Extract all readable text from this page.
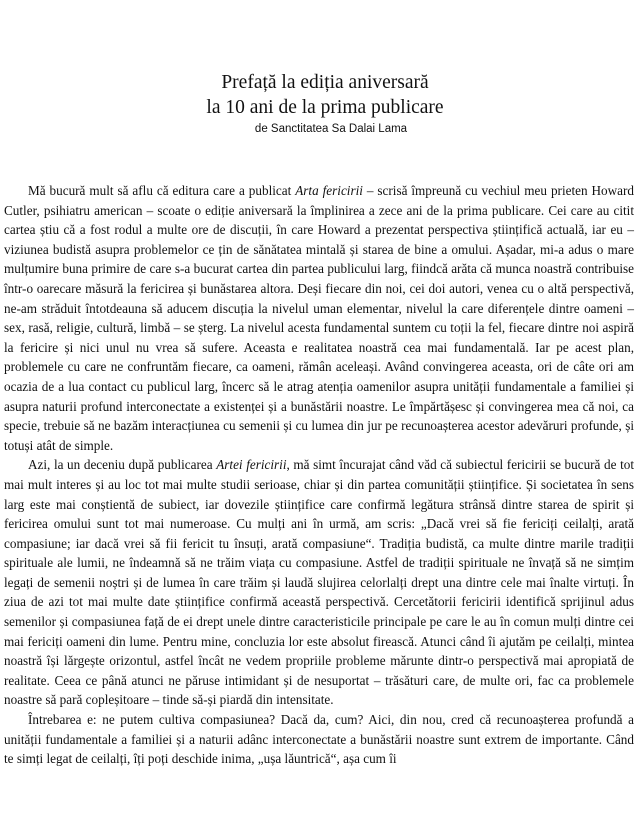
Prefață la ediția aniversară
la 10 ani de la prima publicare
de Sanctitatea Sa Dalai Lama

Mă bucură mult să aflu că editura care a publicat Arta fericirii – scrisă împreună cu vechiul meu prieten Howard Cutler, psihiatru american – scoate o ediție aniversară la împlinirea a zece ani de la prima publicare. Cei care au citit cartea știu că a fost rodul a multe ore de discuții, în care Howard a prezentat perspectiva științifică actuală, iar eu – viziunea budistă asupra problemelor ce țin de sănătatea mintală și starea de bine a omului. Așadar, mi-a adus o mare mulțumire buna primire de care s-a bucurat cartea din partea publicului larg, fiindcă arăta că munca noastră contribuise într-o oarecare măsură la fericirea și bunăstarea altora. Deși fiecare din noi, cei doi autori, venea cu o altă perspectivă, ne-am străduit întotdeauna să aducem discuția la nivelul uman elementar, nivelul la care diferențele dintre oameni – sex, rasă, religie, cultură, limbă – se șterg. La nivelul acesta fundamental suntem cu toții la fel, fiecare dintre noi aspiră la fericire și nici unul nu vrea să sufere. Aceasta e realitatea noastră cea mai fundamentală. Iar pe acest plan, problemele cu care ne confruntăm fiecare, ca oameni, rămân aceleași. Având convingerea aceasta, ori de câte ori am ocazia de a lua contact cu publicul larg, încerc să le atrag atenția oamenilor asupra unității fundamentale a familiei și asupra naturii profund interconectate a existenței și a bunăstării noastre. Le împărtășesc și convingerea mea că noi, ca specie, trebuie să ne bazăm interacțiunea cu semenii și cu lumea din jur pe recunoașterea acestor adevăruri profunde, și totuși atât de simple.

Azi, la un deceniu după publicarea Artei fericirii, mă simt încurajat când văd că subiectul fericirii se bucură de tot mai mult interes și au loc tot mai multe studii serioase, chiar și din partea comunității științifice. Și societatea în sens larg este mai conștientă de subiect, iar dovezile științifice care confirmă legătura strânsă dintre starea de spirit și fericirea omului sunt tot mai numeroase. Cu mulți ani în urmă, am scris: „Dacă vrei să fie fericiți ceilalți, arată compasiune; iar dacă vrei să fii fericit tu însuți, arată compasiune“. Tradiția budistă, ca multe dintre marile tradiții spirituale ale lumii, ne îndeamnă să ne trăim viața cu compasiune. Astfel de tradiții spirituale ne învață să ne simțim legați de semenii noștri și de lumea în care trăim și laudă slujirea celorlalți drept una dintre cele mai înalte virtuți. În ziua de azi tot mai multe date științifice confirmă această perspectivă. Cercetătorii fericirii identifică sprijinul adus semenilor și compasiunea față de ei drept unele dintre caracteristicile principale pe care le au în comun mulți dintre cei mai fericiți oameni din lume. Pentru mine, concluzia lor este absolut firească. Atunci când îi ajutăm pe ceilalți, mintea noastră își lărgește orizontul, astfel încât ne vedem propriile probleme mărunte dintr-o perspectivă mai apropiată de realitate. Ceea ce până atunci ne păruse intimidant și de nesuportat – trăsături care, de multe ori, fac ca problemele noastre să pară copleșitoare – tinde să-și piardă din intensitate.

Întrebarea e: ne putem cultiva compasiunea? Dacă da, cum? Aici, din nou, cred că recunoașterea profundă a unității fundamentale a familiei și a naturii adânc interconectate a bunăstării noastre sunt extrem de importante. Când te simți legat de ceilalți, îți poți deschide inima, „ușa lăuntrică“, așa cum îi
